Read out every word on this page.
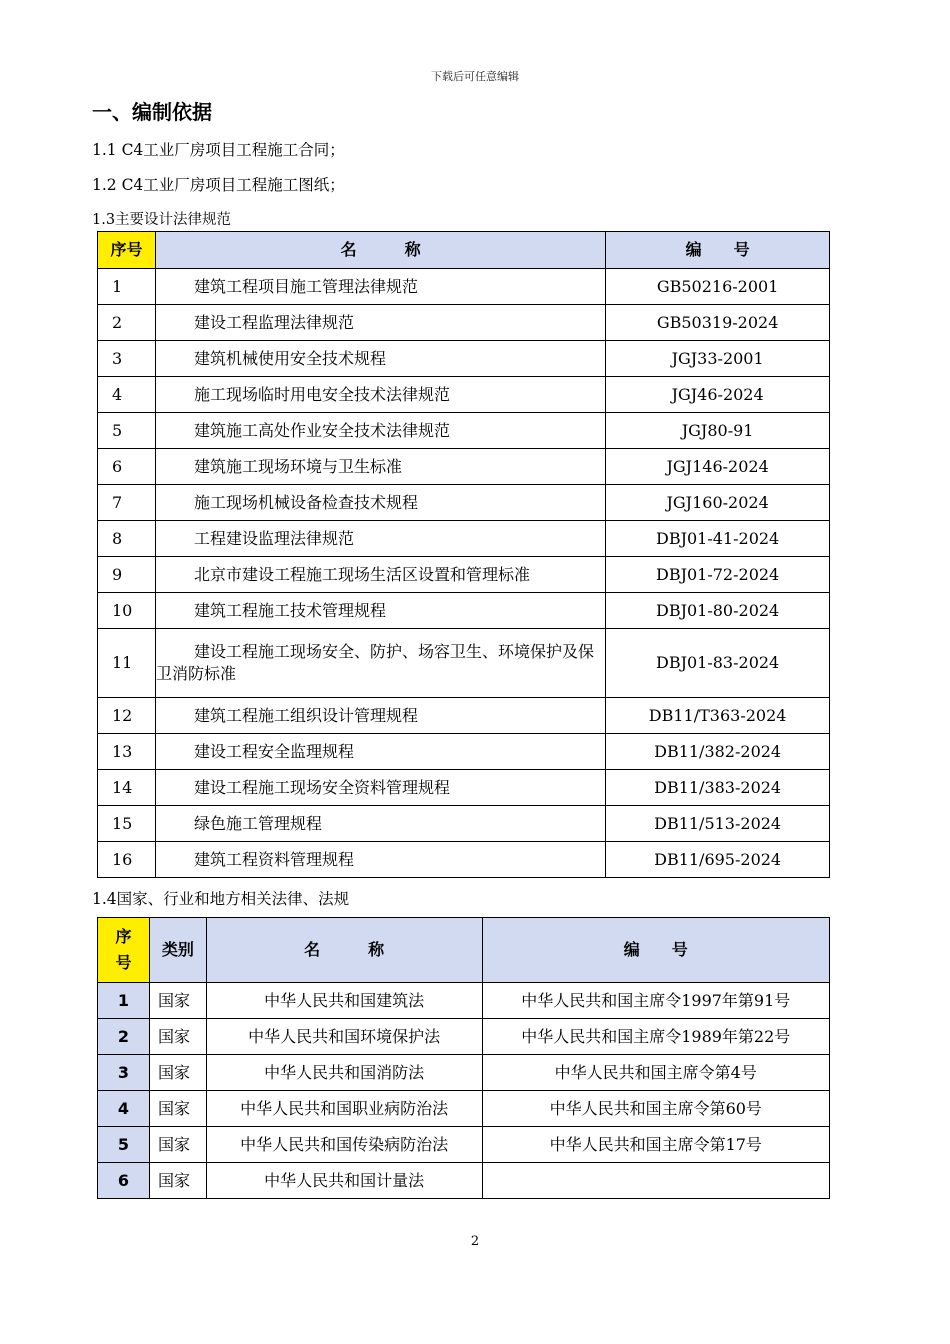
下载后可任意编辑
一、编制依据
1.1 C4工业厂房项目工程施工合同；
1.2 C4工业厂房项目工程施工图纸；
1.3主要设计法律规范
序号	名　　　称	编　　号
1	建筑工程项目施工管理法律规范	GB50216-2001
2	建设工程监理法律规范	GB50319-2024
3	建筑机械使用安全技术规程	JGJ33-2001
4	施工现场临时用电安全技术法律规范	JGJ46-2024
5	建筑施工高处作业安全技术法律规范	JGJ80-91
6	建筑施工现场环境与卫生标准	JGJ146-2024
7	施工现场机械设备检查技术规程	JGJ160-2024
8	工程建设监理法律规范	DBJ01-41-2024
9	北京市建设工程施工现场生活区设置和管理标准	DBJ01-72-2024
10	建筑工程施工技术管理规程	DBJ01-80-2024
11	建设工程施工现场安全、防护、场容卫生、环境保护及保卫消防标准	DBJ01-83-2024
12	建筑工程施工组织设计管理规程	DB11/T363-2024
13	建设工程安全监理规程	DB11/382-2024
14	建设工程施工现场安全资料管理规程	DB11/383-2024
15	绿色施工管理规程	DB11/513-2024
16	建筑工程资料管理规程	DB11/695-2024
1.4国家、行业和地方相关法律、法规
序号	类别	名　　　称	编　　号
1	国家	中华人民共和国建筑法	中华人民共和国主席令1997年第91号
2	国家	中华人民共和国环境保护法	中华人民共和国主席令1989年第22号
3	国家	中华人民共和国消防法	中华人民共和国主席令第4号
4	国家	中华人民共和国职业病防治法	中华人民共和国主席令第60号
5	国家	中华人民共和国传染病防治法	中华人民共和国主席令第17号
6	国家	中华人民共和国计量法	
2
